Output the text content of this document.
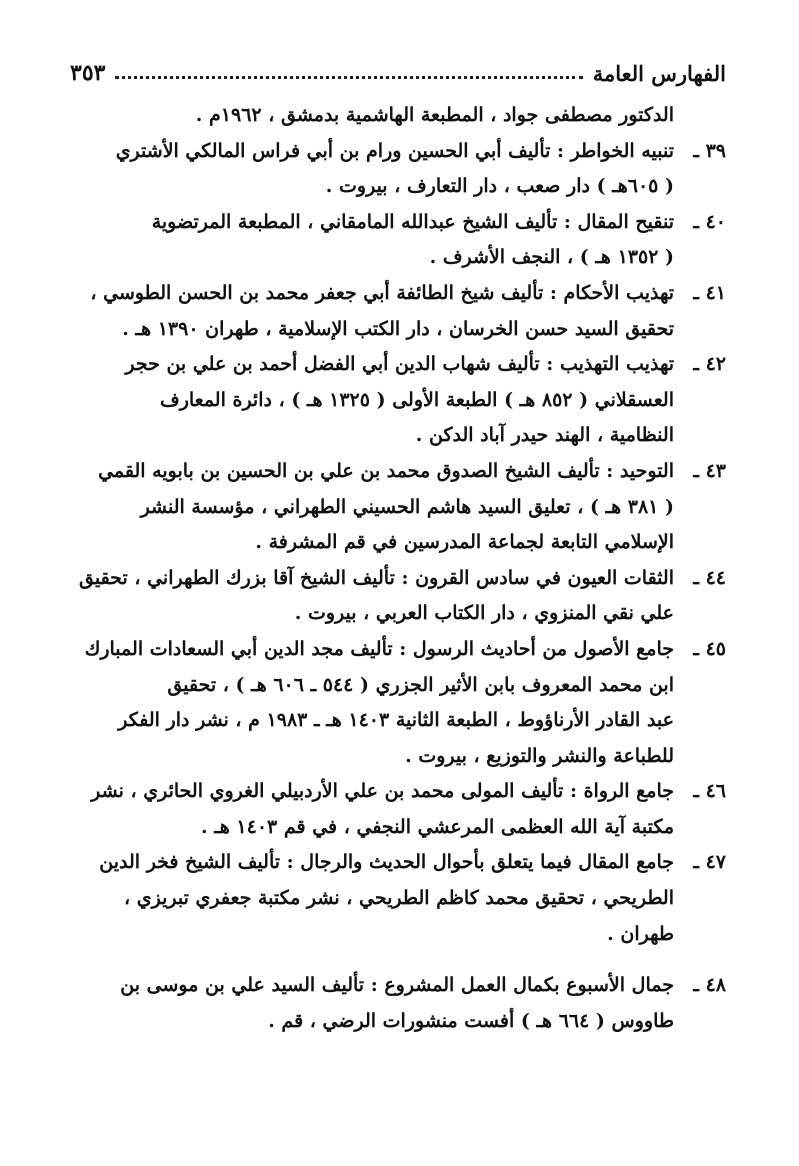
الفهارس العامة
٣٥٣
الدكتور مصطفى جواد ، المطبعة الهاشمية بدمشق ، ١٩٦٢م .
٣٩ ـ
تنبيه الخواطر : تأليف أبي الحسين ورام بن أبي فراس المالكي الأشتري
( ٦٠٥هـ ) دار صعب ، دار التعارف ، بيروت .
٤٠ ـ
تنقيح المقال : تأليف الشيخ عبدالله المامقاني ، المطبعة المرتضوية
( ١٣٥٢ هـ ) ، النجف الأشرف .
٤١ ـ
تهذيب الأحكام : تأليف شيخ الطائفة أبي جعفر محمد بن الحسن الطوسي ،
تحقيق السيد حسن الخرسان ، دار الكتب الإسلامية ، طهران ١٣٩٠ هـ .
٤٢ ـ
تهذيب التهذيب : تأليف شهاب الدين أبي الفضل أحمد بن علي بن حجر
العسقلاني ( ٨٥٢ هـ ) الطبعة الأولى ( ١٣٢٥ هـ ) ، دائرة المعارف
النظامية ، الهند حيدر آباد الدكن .
٤٣ ـ
التوحيد : تأليف الشيخ الصدوق محمد بن علي بن الحسين بن بابويه القمي
( ٣٨١ هـ ) ، تعليق السيد هاشم الحسيني الطهراني ، مؤسسة النشر
الإسلامي التابعة لجماعة المدرسين في قم المشرفة .
٤٤ ـ
الثقات العيون في سادس القرون : تأليف الشيخ آقا بزرك الطهراني ، تحقيق
علي نقي المنزوي ، دار الكتاب العربي ، بيروت .
٤٥ ـ
جامع الأصول من أحاديث الرسول : تأليف مجد الدين أبي السعادات المبارك
ابن محمد المعروف بابن الأثير الجزري ( ٥٤٤ ـ ٦٠٦ هـ ) ، تحقيق
عبد القادر الأرناؤوط ، الطبعة الثانية ١٤٠٣ هـ ـ ١٩٨٣ م ، نشر دار الفكر
للطباعة والنشر والتوزيع ، بيروت .
٤٦ ـ
جامع الرواة : تأليف المولى محمد بن علي الأردبيلي الغروي الحائري ، نشر
مكتبة آية الله العظمى المرعشي النجفي ، في قم ١٤٠٣ هـ .
٤٧ ـ
جامع المقال فيما يتعلق بأحوال الحديث والرجال : تأليف الشيخ فخر الدين
الطريحي ، تحقيق محمد كاظم الطريحي ، نشر مكتبة جعفري تبريزي ،
طهران .
٤٨ ـ
جمال الأسبوع بكمال العمل المشروع : تأليف السيد علي بن موسى بن
طاووس ( ٦٦٤ هـ ) أفست منشورات الرضي ، قم .
